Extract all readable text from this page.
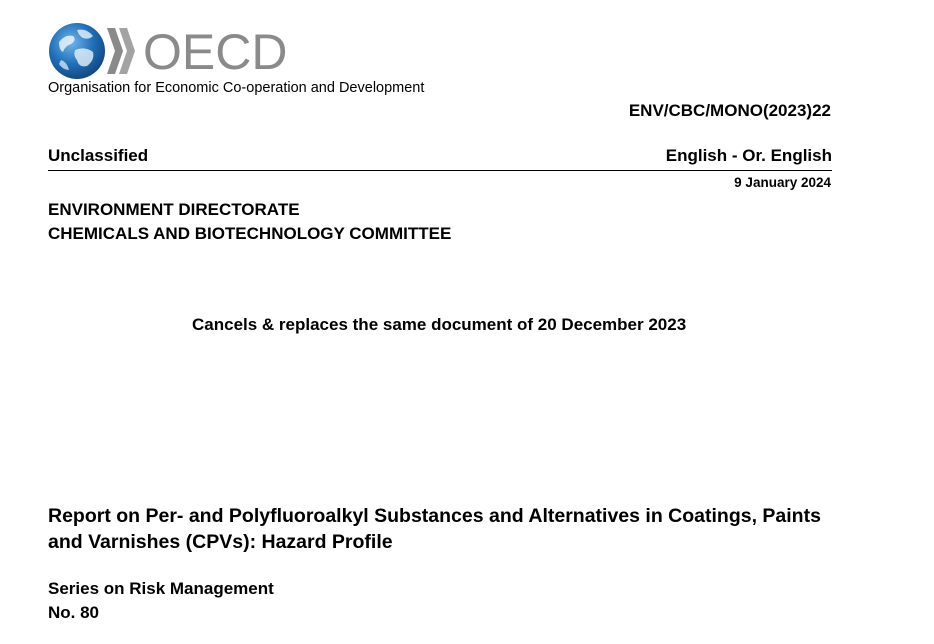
OECD
Organisation for Economic Co-operation and Development
ENV/CBC/MONO(2023)22
Unclassified	English - Or. English
9 January 2024
ENVIRONMENT DIRECTORATE
CHEMICALS AND BIOTECHNOLOGY COMMITTEE
Cancels & replaces the same document of 20 December 2023
Report on Per- and Polyfluoroalkyl Substances and Alternatives in Coatings, Paints and Varnishes (CPVs): Hazard Profile
Series on Risk Management
No. 80
